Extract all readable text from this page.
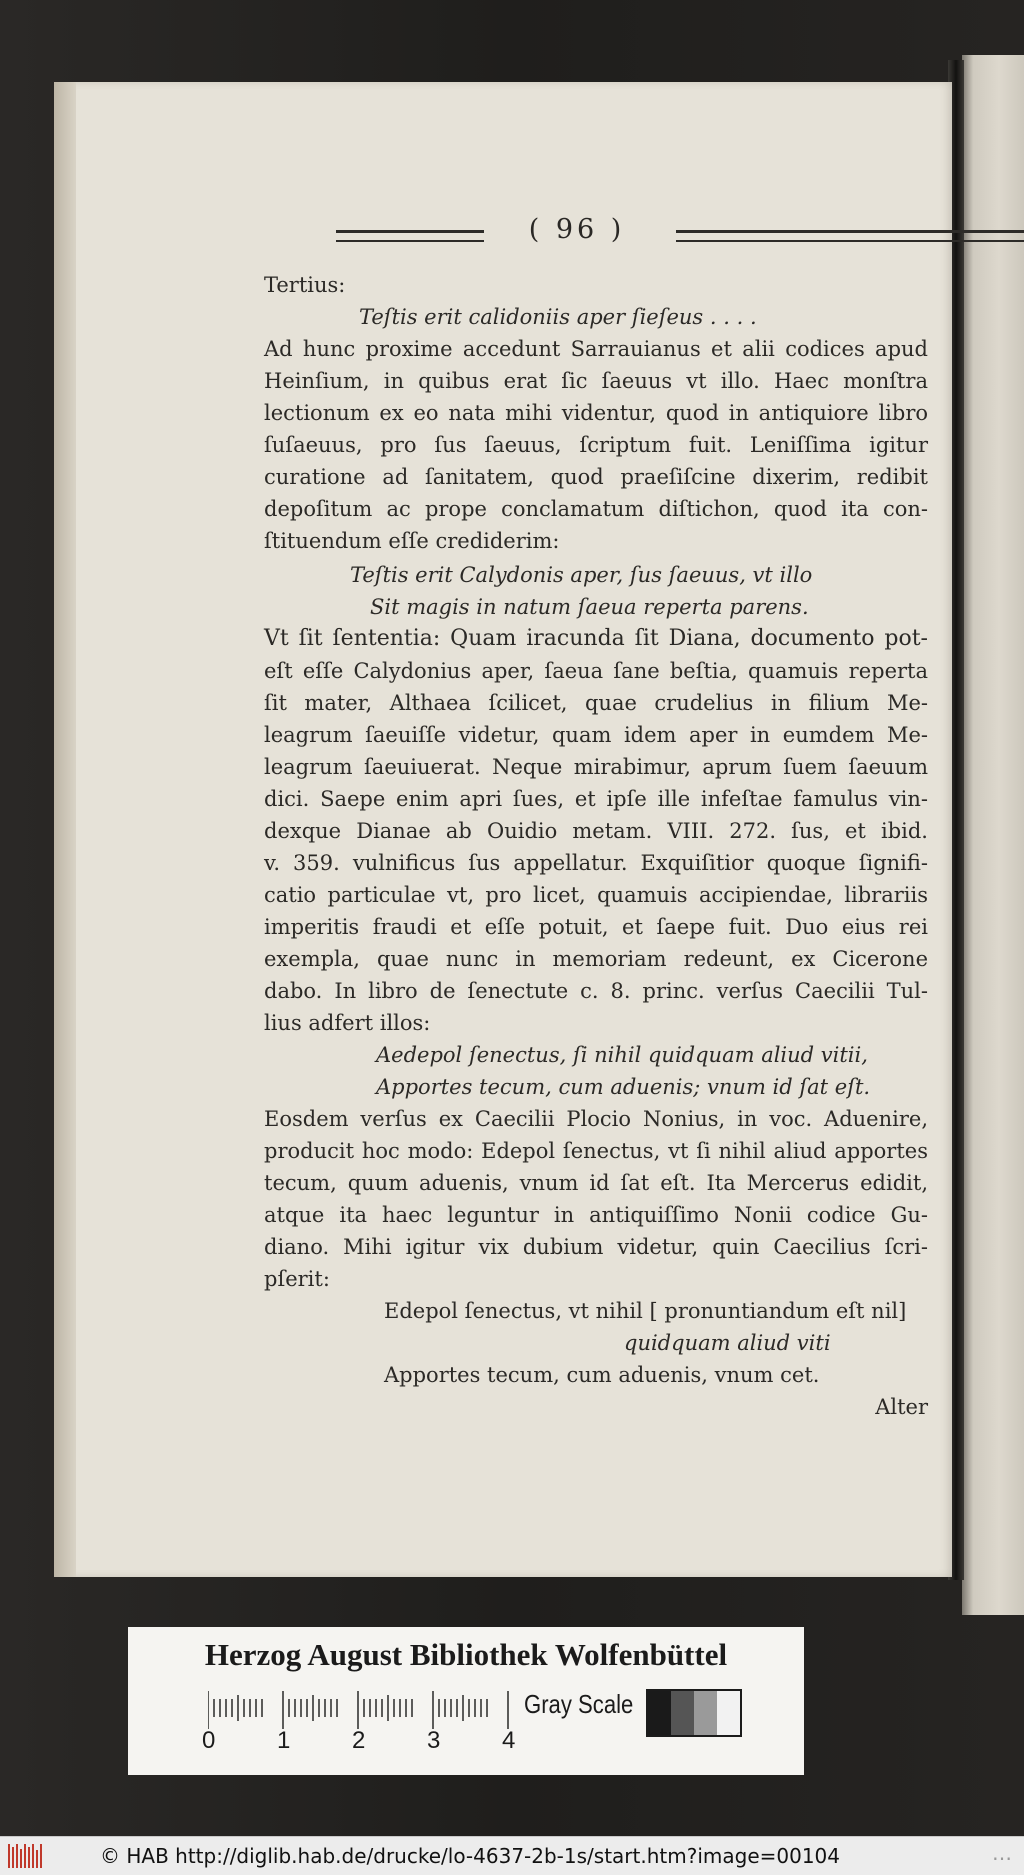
( 96 )
Tertius:
Teſtis erit calidoniis aper ſieſeus . . . .
Ad hunc proxime accedunt Sarrauianus et alii codices apud
Heinſium, in quibus erat ſic ſaeuus vt illo. Haec monſtra
lectionum ex eo nata mihi videntur, quod in antiquiore libro
ſuſaeuus, pro ſus ſaeuus, ſcriptum fuit. Leniſſima igitur
curatione ad ſanitatem, quod praeſiſcine dixerim, redibit
depoſitum ac prope conclamatum diſtichon, quod ita con-
ſtituendum eſſe crediderim:
Teſtis erit Calydonis aper, ſus ſaeuus, vt illo
Sit magis in natum ſaeua reperta parens.
Vt ſit ſententia: Quam iracunda ſit Diana, documento pot-
eſt eſſe Calydonius aper, ſaeua ſane beſtia, quamuis reperta
ſit mater, Althaea ſcilicet, quae crudelius in filium Me-
leagrum ſaeuiſſe videtur, quam idem aper in eumdem Me-
leagrum ſaeuiuerat. Neque mirabimur, aprum ſuem ſaeuum
dici. Saepe enim apri ſues, et ipſe ille infeſtae famulus vin-
dexque Dianae ab Ouidio metam. VIII. 272. ſus, et ibid.
v. 359. vulnificus ſus appellatur. Exquiſitior quoque ſignifi-
catio particulae vt, pro licet, quamuis accipiendae, librariis
imperitis fraudi et eſſe potuit, et ſaepe fuit. Duo eius rei
exempla, quae nunc in memoriam redeunt, ex Cicerone
dabo. In libro de ſenectute c. 8. princ. verſus Caecilii Tul-
lius adfert illos:
Aedepol ſenectus, ſi nihil quidquam aliud vitii,
Apportes tecum, cum aduenis; vnum id ſat eſt.
Eosdem verſus ex Caecilii Plocio Nonius, in voc. Aduenire,
producit hoc modo: Edepol ſenectus, vt ſi nihil aliud apportes
tecum, quum aduenis, vnum id ſat eſt. Ita Mercerus edidit,
atque ita haec leguntur in antiquiſſimo Nonii codice Gu-
diano. Mihi igitur vix dubium videtur, quin Caecilius ſcri-
pſerit:
Edepol ſenectus, vt nihil [ pronuntiandum eſt nil]
quidquam aliud viti
Apportes tecum, cum aduenis, vnum cet.
Alter
Herzog August Bibliothek Wolfenbüttel
0	1	2	3	4
Gray Scale
© HAB http://diglib.hab.de/drucke/lo-4637-2b-1s/start.htm?image=00104	…
